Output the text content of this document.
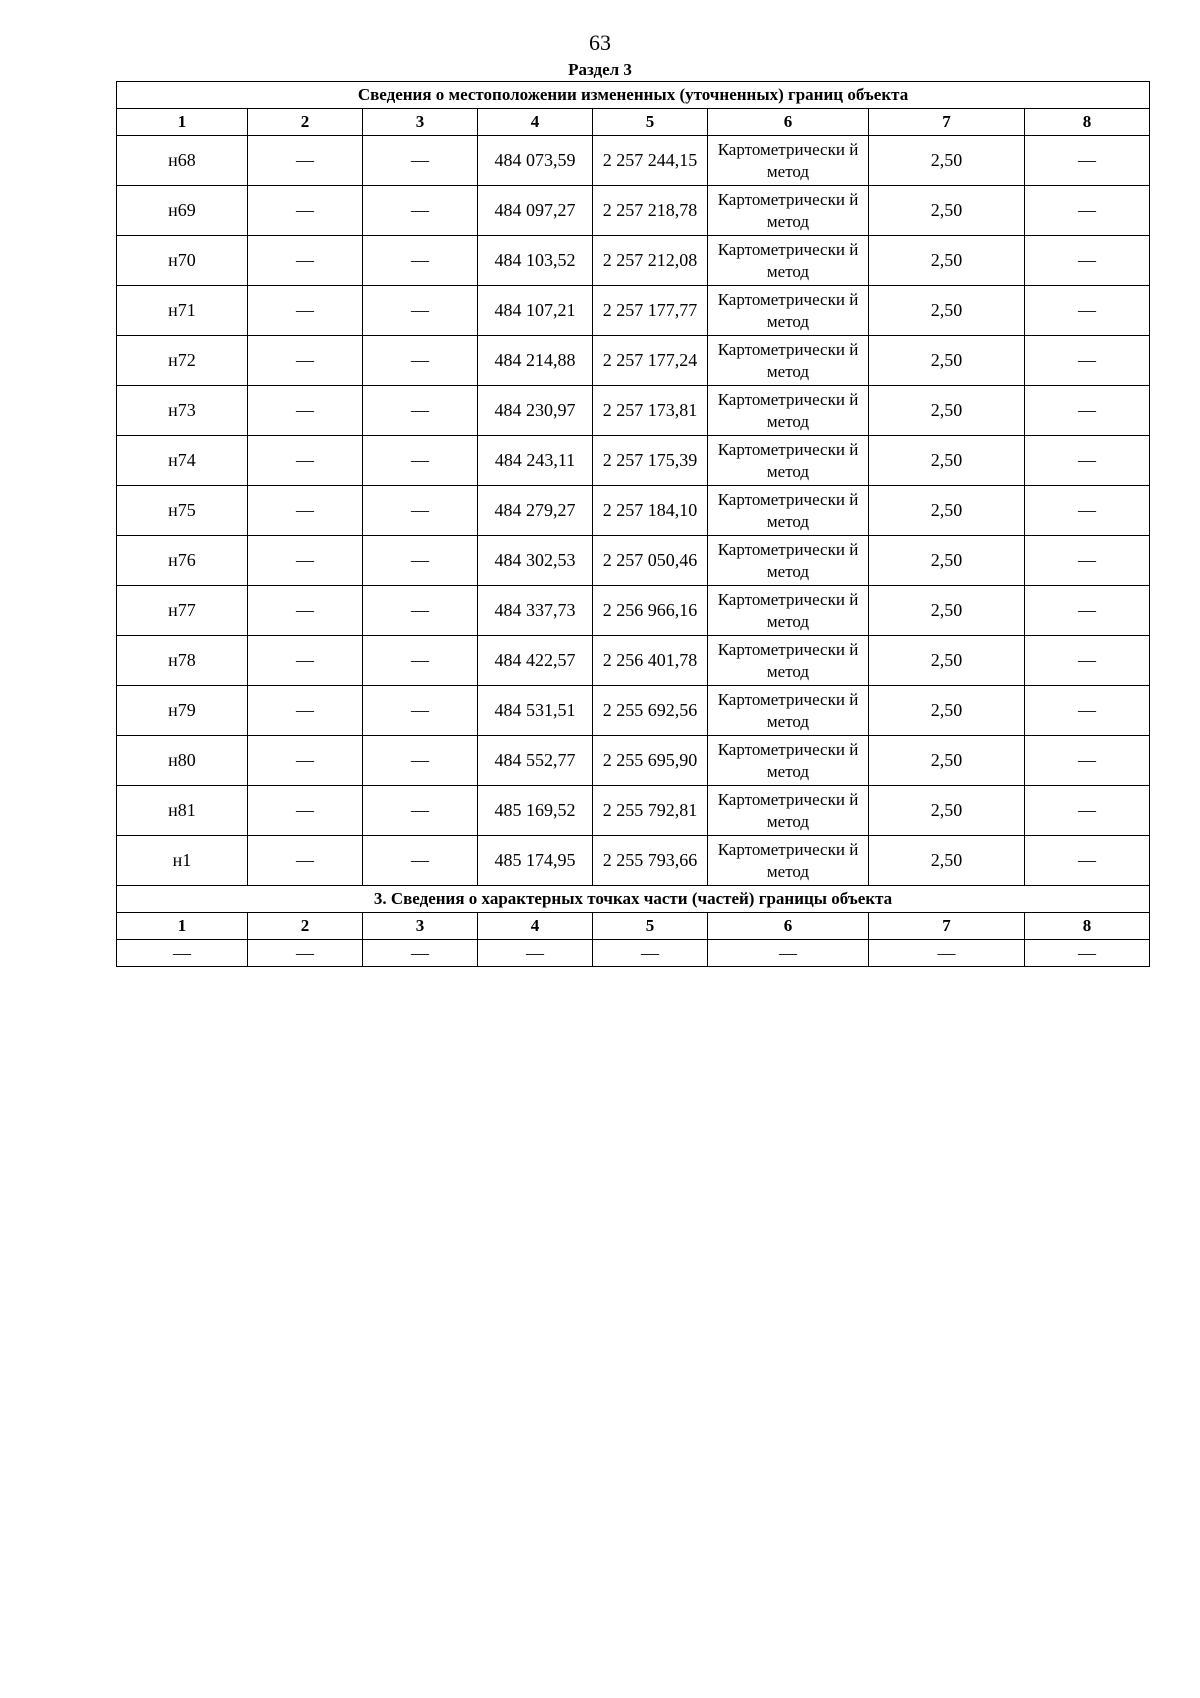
63
Раздел 3
Сведения о местоположении измененных (уточненных) границ объекта							
1	2	3	4	5	6	7	8
н68	—	—	484 073,59	2 257 244,15	Картометрически й метод	2,50	—
н69	—	—	484 097,27	2 257 218,78	Картометрически й метод	2,50	—
н70	—	—	484 103,52	2 257 212,08	Картометрически й метод	2,50	—
н71	—	—	484 107,21	2 257 177,77	Картометрически й метод	2,50	—
н72	—	—	484 214,88	2 257 177,24	Картометрически й метод	2,50	—
н73	—	—	484 230,97	2 257 173,81	Картометрически й метод	2,50	—
н74	—	—	484 243,11	2 257 175,39	Картометрически й метод	2,50	—
н75	—	—	484 279,27	2 257 184,10	Картометрически й метод	2,50	—
н76	—	—	484 302,53	2 257 050,46	Картометрически й метод	2,50	—
н77	—	—	484 337,73	2 256 966,16	Картометрически й метод	2,50	—
н78	—	—	484 422,57	2 256 401,78	Картометрически й метод	2,50	—
н79	—	—	484 531,51	2 255 692,56	Картометрически й метод	2,50	—
н80	—	—	484 552,77	2 255 695,90	Картометрически й метод	2,50	—
н81	—	—	485 169,52	2 255 792,81	Картометрически й метод	2,50	—
н1	—	—	485 174,95	2 255 793,66	Картометрически й метод	2,50	—
3. Сведения о характерных точках части (частей) границы объекта							
1	2	3	4	5	6	7	8
—	—	—	—	—	—	—	—
